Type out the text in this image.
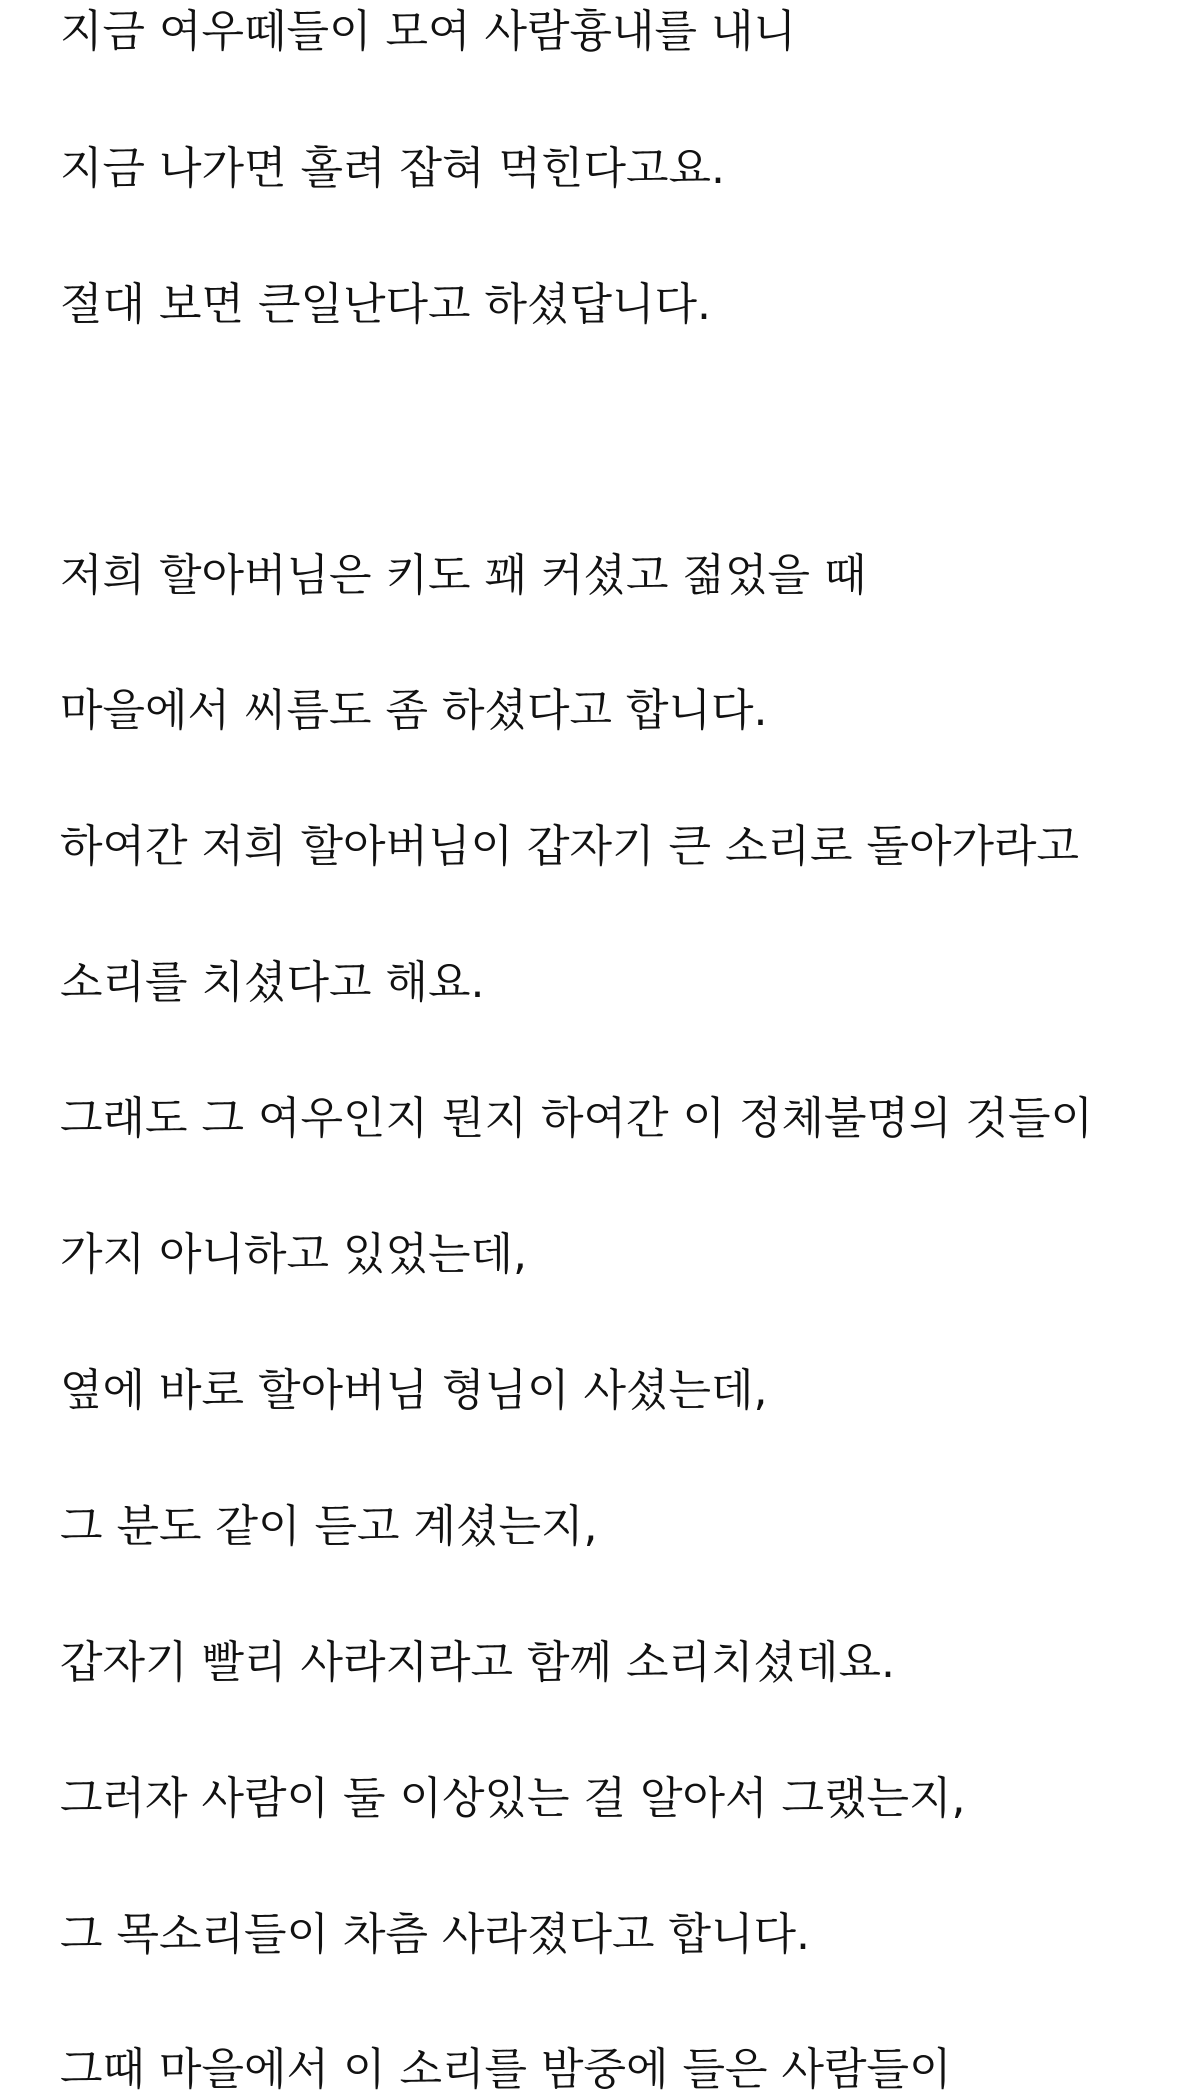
지금 여우떼들이 모여 사람흉내를 내니

지금 나가면 홀려 잡혀 먹힌다고요.

절대 보면 큰일난다고 하셨답니다.

저희 할아버님은 키도 꽤 커셨고 젊었을 때

마을에서 씨름도 좀 하셨다고 합니다.

하여간 저희 할아버님이 갑자기 큰 소리로 돌아가라고

소리를 치셨다고 해요.

그래도 그 여우인지 뭔지 하여간 이 정체불명의 것들이

가지 아니하고 있었는데,

옆에 바로 할아버님 형님이 사셨는데,

그 분도 같이 듣고 계셨는지,

갑자기 빨리 사라지라고 함께 소리치셨데요.

그러자 사람이 둘 이상있는 걸 알아서 그랬는지,

그 목소리들이 차츰 사라졌다고 합니다.

그때 마을에서 이 소리를 밤중에 들은 사람들이
